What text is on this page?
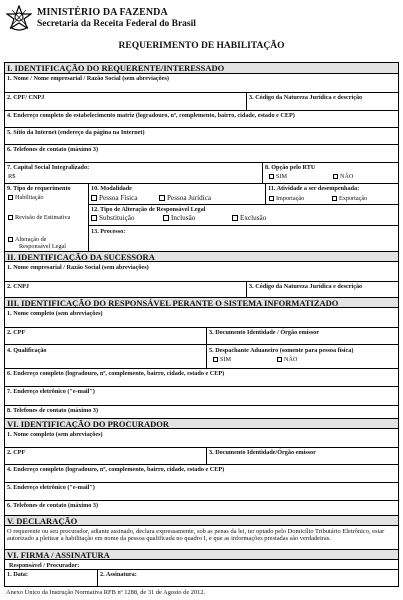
MINISTÉRIO DA FAZENDA
Secretaria da Receita Federal do Brasil
REQUERIMENTO DE HABILITAÇÃO
I. IDENTIFICAÇÃO DO REQUERENTE/INTERESSADO
1. Nome / Nome empresarial / Razão Social (sem abreviações)
2. CPF/ CNPJ	3. Código da Natureza Jurídica e descrição
4. Endereço completo do estabelecimento matriz (logradouro, nº, complemento, bairro, cidade, estado e CEP)
5. Sítio da Internet (endereço da página na Internet)
6. Telefones de contato (máximo 3)
7. Capital Social Integralizado:
R$
8. Opção pelo RTU
SIM	NÃO
9. Tipo de requerimento
Habilitação
Revisão de Estimativa
Alteração de
Responsável Legal
10. Modalidade
Pessoa Física	Pessoa Jurídica
11. Atividade a ser desempenhada:
Importação	Exportação
12. Tipo de Alteração de Responsável Legal
Substituição	Inclusão	Exclusão
13. Processo:
II. IDENTIFICAÇÃO DA SUCESSORA
1. Nome empresarial / Razão Social (sem abreviações)
2. CNPJ	3. Código da Natureza Jurídica e descrição
III. IDENTIFICAÇÃO DO RESPONSÁVEL PERANTE O SISTEMA INFORMATIZADO
1. Nome completo (sem abreviações)
2. CPF	3. Documento Identidade / Órgão emissor
4. Qualificação	5. Despachante Aduaneiro (somente para pessoa física)
SIM	NÃO
6. Endereço completo (logradouro, nº, complemento, bairro, cidade, estado e CEP)
7. Endereço eletrônico ("e-mail")
8. Telefones de contato (máximo 3)
VI. IDENTIFICAÇÃO DO PROCURADOR
1. Nome completo (sem abreviações)
2. CPF	3. Documento Identidade/Órgão emissor
4. Endereço completo (logradouro, nº, complemento, bairro, cidade, estado e CEP)
5. Endereço eletrônico ("e-mail")
6. Telefones de contato (máximo 3)
V. DECLARAÇÃO
O requerente ou seu procurador, adiante assinado, declara expressamente, sob as penas da lei, ter optado pelo Domicílio Tributário Eletrônico, estar autorizado a pleitear a habilitação em nome da pessoa qualificada no quadro I, e que as informações prestadas são verdadeiras.
VI. FIRMA / ASSINATURA
Responsável / Procurador:
1. Data:	2. Assinatura:
Anexo Único da Instrução Normativa RFB nº 1288, de 31 de Agosto de 2012.
